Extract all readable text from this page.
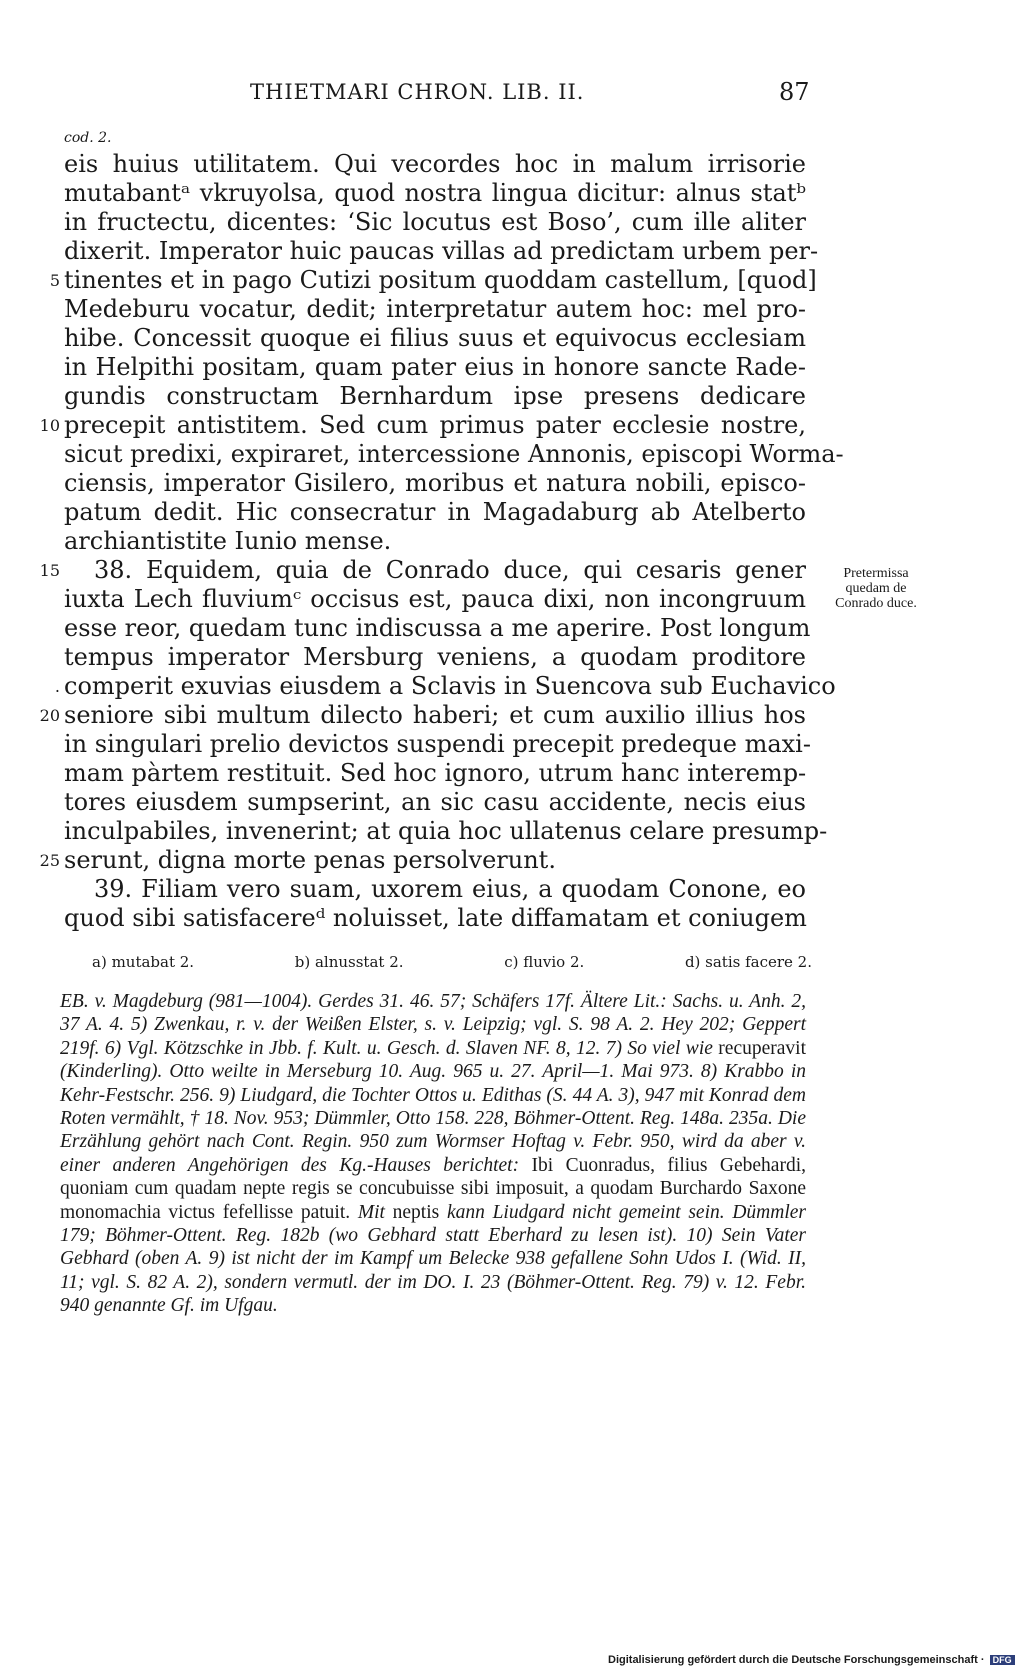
THIETMARI CHRON. LIB. II.	87
cod. 2.
eis huius utilitatem. Qui vecordes hoc in malum irrisorie
mutabantᵃ vkruyolsa, quod nostra lingua dicitur: alnus statᵇ
in fructectu, dicentes: ‘Sic locutus est Boso’, cum ille aliter
dixerit. Imperator huic paucas villas ad predictam urbem per-
tinentes et in pago Cutizi positum quoddam castellum, [quod]
Medeburu vocatur, dedit; interpretatur autem hoc: mel pro-
hibe. Concessit quoque ei filius suus et equivocus ecclesiam
in Helpithi positam, quam pater eius in honore sancte Rade-
gundis constructam Bernhardum ipse presens dedicare
precepit antistitem. Sed cum primus pater ecclesie nostre,
sicut predixi, expiraret, intercessione Annonis, episcopi Worma-
ciensis, imperator Gisilero, moribus et natura nobili, episco-
patum dedit. Hic consecratur in Magadaburg ab Atelberto
archiantistite Iunio mense.
38. Equidem, quia de Conrado duce, qui cesaris gener
iuxta Lech fluviumᶜ occisus est, pauca dixi, non incongruum
esse reor, quedam tunc indiscussa a me aperire. Post longum
tempus imperator Mersburg veniens, a quodam proditore
comperit exuvias eiusdem a Sclavis in Suencova sub Euchavico
seniore sibi multum dilecto haberi; et cum auxilio illius hos
in singulari prelio devictos suspendi precepit predeque maxi-
mam pàrtem restituit. Sed hoc ignoro, utrum hanc interemp-
tores eiusdem sumpserint, an sic casu accidente, necis eius
inculpabiles, invenerint; at quia hoc ullatenus celare presump-
serunt, digna morte penas persolverunt.
39. Filiam vero suam, uxorem eius, a quodam Conone, eo
quod sibi satisfacereᵈ noluisset, late diffamatam et coniugem
5
10
15
.
20
25
Pretermissa
quedam de
Conrado duce.
a) mutabat 2.	b) alnusstat 2.	c) fluvio 2.	d) satis facere 2.
EB. v. Magdeburg (981—1004). Gerdes 31. 46. 57; Schäfers 17f. Ältere Lit.: Sachs. u. Anh. 2, 37 A. 4. 5) Zwenkau, r. v. der Weißen Elster, s. v. Leipzig; vgl. S. 98 A. 2. Hey 202; Geppert 219f. 6) Vgl. Kötzschke in Jbb. f. Kult. u. Gesch. d. Slaven NF. 8, 12. 7) So viel wie recuperavit (Kinderling). Otto weilte in Merseburg 10. Aug. 965 u. 27. April—1. Mai 973. 8) Krabbo in Kehr-Festschr. 256. 9) Liudgard, die Tochter Ottos u. Edithas (S. 44 A. 3), 947 mit Konrad dem Roten vermählt, † 18. Nov. 953; Dümmler, Otto 158. 228, Böhmer-Ottent. Reg. 148a. 235a. Die Erzählung gehört nach Cont. Regin. 950 zum Wormser Hoftag v. Febr. 950, wird da aber v. einer anderen Angehörigen des Kg.-Hauses berichtet: Ibi Cuonradus, filius Gebehardi, quoniam cum quadam nepte regis se concubuisse sibi imposuit, a quodam Burchardo Saxone monomachia victus fefellisse patuit. Mit neptis kann Liudgard nicht gemeint sein. Dümmler 179; Böhmer-Ottent. Reg. 182b (wo Gebhard statt Eberhard zu lesen ist). 10) Sein Vater Gebhard (oben A. 9) ist nicht der im Kampf um Belecke 938 gefallene Sohn Udos I. (Wid. II, 11; vgl. S. 82 A. 2), sondern vermutl. der im DO. I. 23 (Böhmer-Ottent. Reg. 79) v. 12. Febr. 940 genannte Gf. im Ufgau.
Digitalisierung gefördert durch die Deutsche Forschungsgemeinschaft · DFG
